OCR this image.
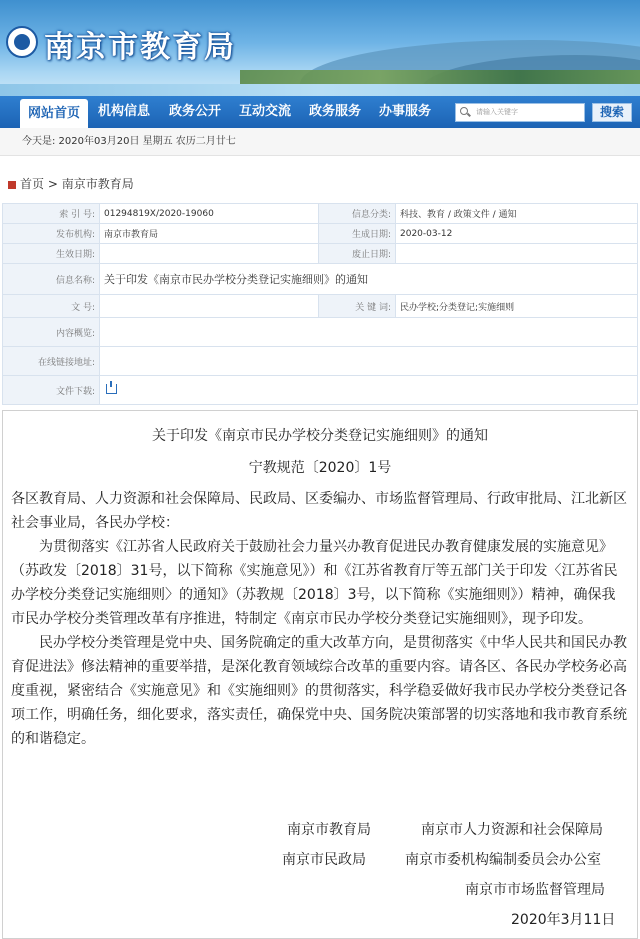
南京市教育局
网站首页	机构信息 政务公开 互动交流 政务服务 办事服务	请输入关键字	搜索
今天是: 2020年03月20日 星期五 农历二月廿七
首页 > 南京市教育局
索 引 号:	01294819X/2020-19060	信息分类:	科技、教育 / 政策文件 / 通知
发布机构:	南京市教育局	生成日期:	2020-03-12
生效日期:		废止日期:	
信息名称:	关于印发《南京市民办学校分类登记实施细则》的通知		
文 号:		关 键 词:	民办学校;分类登记;实施细则
内容概览:			
在线链接地址:			
文件下载:			
关于印发《南京市民办学校分类登记实施细则》的通知
宁教规范〔2020〕1号

各区教育局、人力资源和社会保障局、民政局、区委编办、市场监督管理局、行政审批局、江北新区社会事业局，各民办学校：

为贯彻落实《江苏省人民政府关于鼓励社会力量兴办教育促进民办教育健康发展的实施意见》（苏政发〔2018〕31号，以下简称《实施意见》）和《江苏省教育厅等五部门关于印发〈江苏省民办学校分类登记实施细则〉的通知》（苏教规〔2018〕3号，以下简称《实施细则》）精神，确保我市民办学校分类管理改革有序推进，特制定《南京市民办学校分类登记实施细则》，现予印发。

民办学校分类管理是党中央、国务院确定的重大改革方向，是贯彻落实《中华人民共和国民办教育促进法》修法精神的重要举措，是深化教育领域综合改革的重要内容。请各区、各民办学校务必高度重视，紧密结合《实施意见》和《实施细则》的贯彻落实，科学稳妥做好我市民办学校分类登记各项工作，明确任务，细化要求，落实责任，确保党中央、国务院决策部署的切实落地和我市教育系统的和谐稳定。

南京市教育局	南京市人力资源和社会保障局
南京市民政局	南京市委机构编制委员会办公室
南京市市场监督管理局
2020年3月11日
